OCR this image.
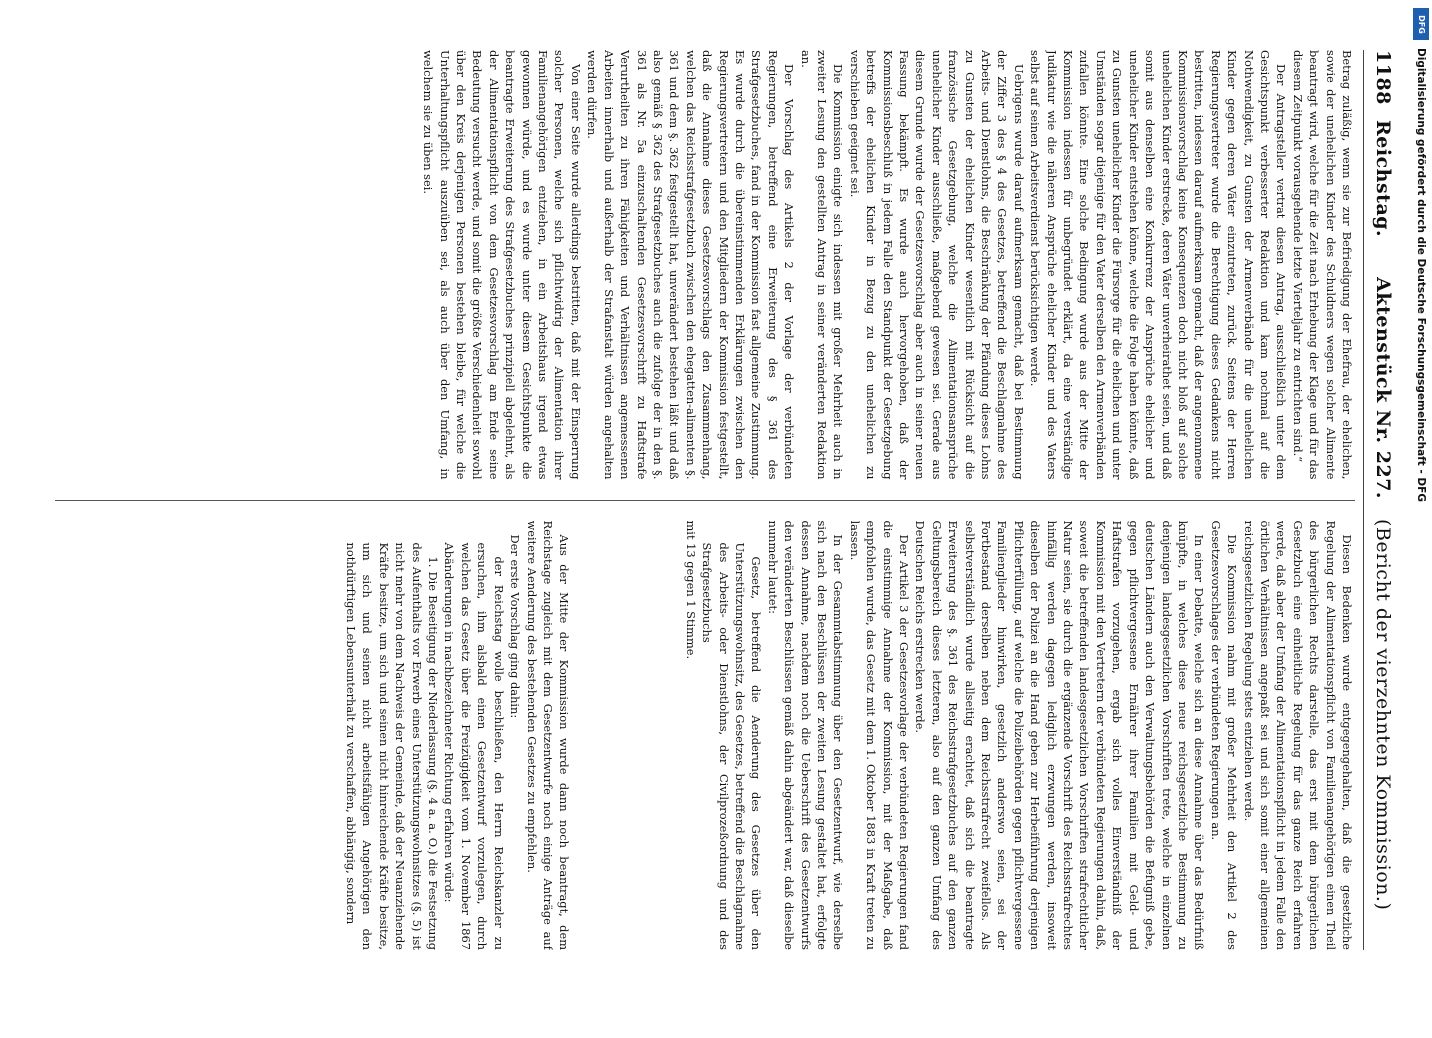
1188
Reichstag.
Aktenstück Nr. 227.
(Bericht der vierzehnten Kommission.)

Betrag zuläßig, wenn sie zur Befriedigung der Ehefrau, der ehelichen, sowie der unehelichen Kinder des Schuldners wegen solcher Alimente beantragt wird, welche für die Zeit nach Erhebung der Klage und für das diesem Zeitpunkt vorausgehende letzte Vierteljahr zu entrichten sind.“

Der Antragsteller vertrat diesen Antrag, ausschließlich unter dem Gesichtspunkt verbesserter Redaktion und kam nochmal auf die Nothwendigkeit, zu Gunsten der Armenverbände für die unehelichen Kinder gegen deren Väter einzutreten, zurück. Seitens der Herren Regierungsvertreter wurde die Berechtigung dieses Gedankens nicht bestritten, indessen darauf aufmerksam gemacht, daß der angenommene Kommissionsvorschlag keine Konsequenzen doch nicht bloß auf solche unehelichen Kinder erstrecke, deren Väter unverheirathet seien, und daß somit aus denselben eine Konkurrenz der Ansprüche ehelicher und unehelicher Kinder entstehen könne, welche die Folge haben könnte, daß zu Gunsten unehelicher Kinder die Fürsorge für die ehelichen und unter Umständen sogar diejenige für den Vater derselben den Armenverbänden zufallen könnte. Eine solche Bedingung wurde aus der Mitte der Kommission indessen für unbegründet erklärt, da eine verständige Judikatur wie die näheren Ansprüche ehelicher Kinder und des Vaters selbst auf seinen Arbeitsverdienst berücksichtigen werde.

Uebrigens wurde darauf aufmerksam gemacht, daß bei Bestimmung der Ziffer 3 des § 4 des Gesetzes, betreffend die Beschlagnahme des Arbeits- und Dienstlohns, die Beschränkung der Pfändung dieses Lohns zu Gunsten der ehelichen Kinder wesentlich mit Rücksicht auf die französische Gesetzgebung, welche die Alimentationsansprüche unehelicher Kinder ausschließe, maßgebend gewesen sei. Gerade aus diesem Grunde wurde der Gesetzesvorschlag aber auch in seiner neuen Fassung bekämpft. Es wurde auch hervorgehoben, daß der Kommissionsbeschluß in jedem Falle den Standpunkt der Gesetzgebung betreffs der ehelichen Kinder in Bezug zu den unehelichen zu verschieben geeignet sei.

Die Kommission einigte sich indessen mit großer Mehrheit auch in zweiter Lesung den gestellten Antrag in seiner veränderten Redaktion an.

Der Vorschlag des Artikels 2 der Vorlage der verbündeten Regierungen, betreffend eine Erweiterung des § 361 des Strafgesetzbuches, fand in der Kommission fast allgemeine Zustimmung. Es wurde durch die übereinstimmenden Erklärungen zwischen den Regierungsvertretern und den Mitgliedern der Kommission festgestellt, daß die Annahme dieses Gesetzesvorschlags den Zusammenhang, welchen das Reichsstrafgesetzbuch zwischen den ehegatten-alimenten §. 361 und dem §. 362 festgestellt hat, unverändert bestehen läßt und daß also gemäß § 362 des Strafgesetzbuches auch die zufolge der in den §. 361 als Nr. 5a einzuschaltenden Gesetzesvorschrift zu Haftstrafe Verurtheilten zu ihren Fähigkeiten und Verhältnissen angemessenen Arbeiten innerhalb und außerhalb der Strafanstalt würden angehalten werden dürfen.

Von einer Seite wurde allerdings bestritten, daß mit der Einsperrung solcher Personen, welche sich pflichtwidrig der Alimentation ihrer Familienangehörigen entziehen, in ein Arbeitshaus irgend etwas gewonnen würde, und es wurde unter diesem Gesichtspunkte die beantragte Erweiterung des Strafgesetzbuches prinzipiell abgelehnt, als der Alimentationspflicht von dem Gesetzesvorschlag am Ende seine Bedeutung versucht werde, und somit die größte Verschiedenheit sowohl über den Kreis derjenigen Personen bestehen bleibe, für welche die Unterhaltungspflicht auszuüben sei, als auch über den Umfang, in welchem sie zu üben sei.

Diesen Bedenken wurde entgegengehalten, daß die gesetzliche Regelung der Alimentationspflicht von Familienangehörigen einen Theil des bürgerlichen Rechts darstelle, das erst mit dem bürgerlichen Gesetzbuch eine einheitliche Regelung für das ganze Reich erfahren werde, daß aber der Umfang der Alimentationspflicht in jedem Falle den örtlichen Verhältnissen angepaßt sei und sich somit einer allgemeinen reichsgesetzlichen Regelung stets entziehen werde.

Die Kommission nahm mit großer Mehrheit den Artikel 2 des Gesetzesvorschlages der verbündeten Regierungen an.

In einer Debatte, welche sich an diese Annahme über das Bedürfniß knüpfte, in welches diese neue reichsgesetzliche Bestimmung zu denjenigen landesgesetzlichen Vorschriften trete, welche in einzelnen deutschen Ländern auch den Verwaltungsbehörden die Befugniß gebe, gegen pflichtvergessene Ernährer ihrer Familien mit Geld- und Haftstrafen vorzugehen, ergab sich volles Einverständniß der Kommission mit den Vertretern der verbündeten Regierungen dahin, daß, soweit die betreffenden landesgesetzlichen Vorschriften strafrechtlicher Natur seien, sie durch die ergänzende Vorschrift des Reichsstrafrechtes hinfällig werden dagegen lediglich erzwungen werden, insoweit dieselben der Polizei an die Hand geben zur Herbeiführung derjenigen Pflichterfüllung, auf welche die Polizeibehörden gegen pflichtvergessene Familienglieder hinwirken, gesetzlich anderswo seien, sei der Fortbestand derselben neben dem Reichsstrafrecht zweifellos. Als selbstverständlich wurde allseitig erachtet, daß sich die beantragte Erweiterung des §. 361 des Reichsstrafgesetzbuches auf den ganzen Geltungsbereich dieses letzteren, also auf den ganzen Umfang des Deutschen Reichs erstrecken werde.

Der Artikel 3 der Gesetzesvorlage der verbündeten Regierungen fand die einstimmige Annahme der Kommission, mit der Maßgabe, daß empfohlen wurde, das Gesetz mit dem 1. Oktober 1883 in Kraft treten zu lassen.

In der Gesammtabstimmung über den Gesetzentwurf, wie derselbe sich nach den Beschlüssen der zweiten Lesung gestaltet hat, erfolgte dessen Annahme, nachdem noch die Ueberschrift des Gesetzentwurfs den veränderten Beschlüssen gemäß dahin abgeändert war, daß dieselbe nunmehr lautet:

Gesetz, betreffend die Aenderung des Gesetzes über den Unterstützungswohnsitz, des Gesetzes, betreffend die Beschlagnahme des Arbeits- oder Dienstlohns, der Civilprozeßordnung und des Strafgesetzbuchs

mit 13 gegen 1 Stimme.

Aus der Mitte der Kommission wurde dann noch beantragt, dem Reichstage zugleich mit dem Gesetzentwurfe noch einige Anträge auf weitere Aenderung des bestehenden Gesetzes zu empfehlen.

Der erste Vorschlag ging dahin:

der Reichstag wolle beschließen, den Herrn Reichskanzler zu ersuchen, ihm alsbald einen Gesetzentwurf vorzulegen, durch welchen das Gesetz über die Freizügigkeit vom 1. November 1867 Abänderungen in nachbezeichneter Richtung erfahren würde:

1. Die Beseitigung der Niederlassung (§. 4 a. a. O.) die Festsetzung des Aufenthalts vor Erwerb eines Unterstützungswohnsitzes (§. 5) ist nicht mehr von dem Nachweis der Gemeinde, daß der Neuanziehende Kräfte besitze, um sich und seinen nicht hinreichende Kräfte besitze, um sich und seinen nicht arbeitsfähigen Angehörigen den nothdürftigen Lebensunterhalt zu verschaffen, abhängig, sondern

DFG
Digitalisierung gefördert durch die Deutsche Forschungsgemeinschaft - DFG
